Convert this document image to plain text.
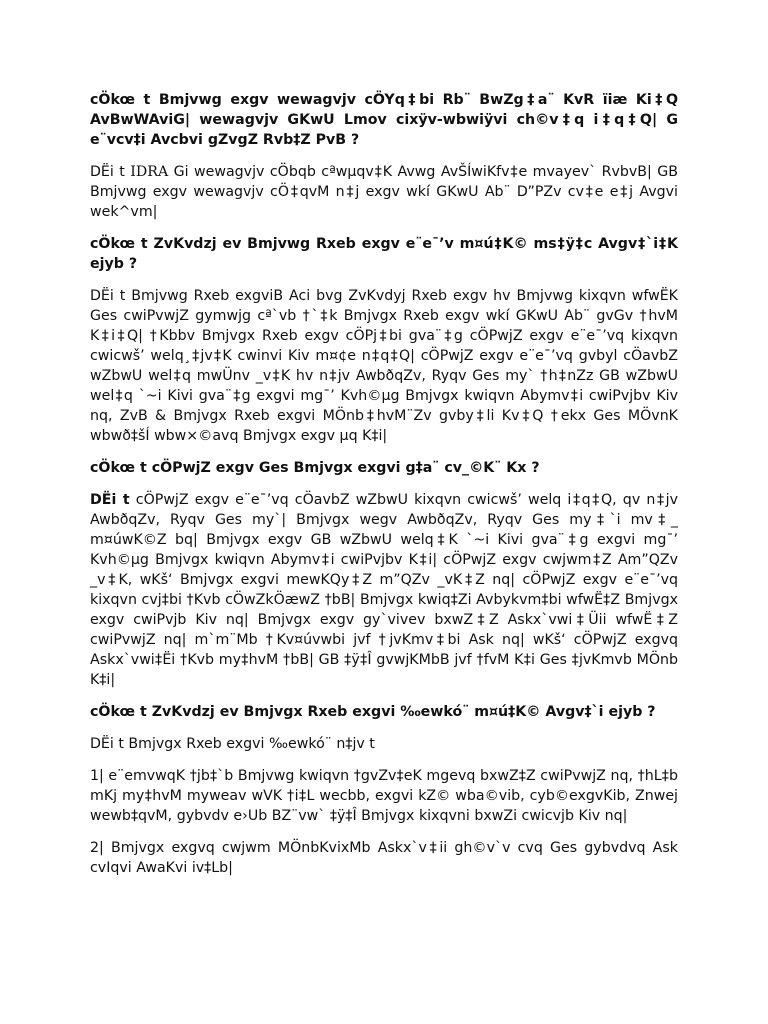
cÖkœ t Bmjvwg exgv wewagvjv cÖYq‡bi Rb¨ BwZg‡a¨ KvR ïiæ Ki‡Q AvBwWAviG| wewagvjv GKwU Lmov cixÿv-wbwiÿvi ch©v‡q i‡q‡Q| G e¨vcv‡i Avcbvi gZvgZ Rvb‡Z PvB ?

DËi t IDRA Gi wewagvjv cÖbqb cªwµqv‡K Avwg AvŠÍwiKfv‡e mvayev` RvbvB| GB Bmjvwg exgv wewagvjv cÖ‡qvM n‡j exgv wkí GKwU Ab¨ D”PZv cv‡e e‡j Avgvi wek^vm|

cÖkœ t ZvKvdzj ev Bmjvwg Rxeb exgv e¨e¯’v m¤ú‡K© ms‡ÿ‡c Avgv‡`i‡K ejyb ?

DËi t Bmjvwg Rxeb exgviB Aci bvg ZvKvdyj Rxeb exgv hv Bmjvwg kixqvn wfwËK Ges cwiPvwjZ gymwjg cª`vb †`‡k Bmjvgx Rxeb exgv wkí GKwU Ab¨ gvGv †hvM K‡i‡Q| †Kbbv Bmjvgx Rxeb exgv cÖPj‡bi gva¨‡g cÖPwjZ exgv e¨e¯’vq kixqvn cwicwš’ welq¸‡jv‡K cwinvi Kiv m¤¢e n‡q‡Q| cÖPwjZ exgv e¨e¯’vq gvbyl cÖavbZ wZbwU wel‡q mwÜnv _v‡K hv n‡jv AwbðqZv, Ryqv Ges my` †h‡nZz GB wZbwU wel‡q `~i Kivi gva¨‡g exgvi mg¯’ Kvh©µg Bmjvgx kwiqvn Abymv‡i cwiPvjbv Kiv nq, ZvB & Bmjvgx Rxeb exgvi MÖnb‡hvM¨Zv gvby‡li Kv‡Q †ekx Ges MÖvnK wbwð‡šÍ wbw×©avq Bmjvgx exgv µq K‡i|

cÖkœ t cÖPwjZ exgv Ges Bmjvgx exgvi g‡a¨ cv_©K¨ Kx ?

DËi t cÖPwjZ exgv e¨e¯’vq cÖavbZ wZbwU kixqvn cwicwš’ welq i‡q‡Q, qv n‡jv AwbðqZv, Ryqv Ges my`| Bmjvgx wegv AwbðqZv, Ryqv Ges my‡`i mv‡_ m¤úwK©Z bq| Bmjvgx exgv GB wZbwU welq‡K `~i Kivi gva¨‡g exgvi mg¯’ Kvh©µg Bmjvgx kwiqvn Abymv‡i cwiPvjbv K‡i| cÖPwjZ exgv cwjwm‡Z Am”QZv _v‡K, wKš‘ Bmjvgx exgvi mewKQy‡Z m”QZv _vK‡Z nq| cÖPwjZ exgv e¨e¯’vq kixqvn cvj‡bi †Kvb cÖwZkÖæwZ †bB| Bmjvgx kwiq‡Zi Avbykvm‡bi wfwË‡Z Bmjvgx exgv cwiPvjb Kiv nq| Bmjvgx exgv gy`vivev bxwZ‡Z Askx`vwi‡Üii wfwË‡Z cwiPvwjZ nq| m`m¨Mb †Kv¤úvwbi jvf †jvKmv‡bi Ask nq| wKš‘ cÖPwjZ exgvq Askx`vwi‡Ëi †Kvb my‡hvM †bB| GB ‡ÿ‡Î gvwjKMbB jvf †fvM K‡i Ges ‡jvKmvb MÖnb K‡i|

cÖkœ t ZvKvdzj ev Bmjvgx Rxeb exgvi ‰ewkó¨ m¤ú‡K© Avgv‡`i ejyb ?

DËi t Bmjvgx Rxeb exgvi ‰ewkó¨ n‡jv t

1| e¨emvwqK †jb‡`b Bmjvwg kwiqvn †gvZv‡eK mgevq bxwZ‡Z cwiPvwjZ nq, †hL‡b mKj my‡hvM myweav wVK †i‡L wecbb, exgvi kZ© wba©vib, cyb©exgvKib, Znwej wewb‡qvM, gybvdv e›Ub BZ¨vw` ‡ÿ‡Î Bmjvgx kixqvni bxwZi cwicvjb Kiv nq|

2| Bmjvgx exgvq cwjwm MÖnbKvixMb Askx`v‡ii gh©v`v cvq Ges gybvdvq Ask cvIqvi AwaKvi iv‡Lb|
